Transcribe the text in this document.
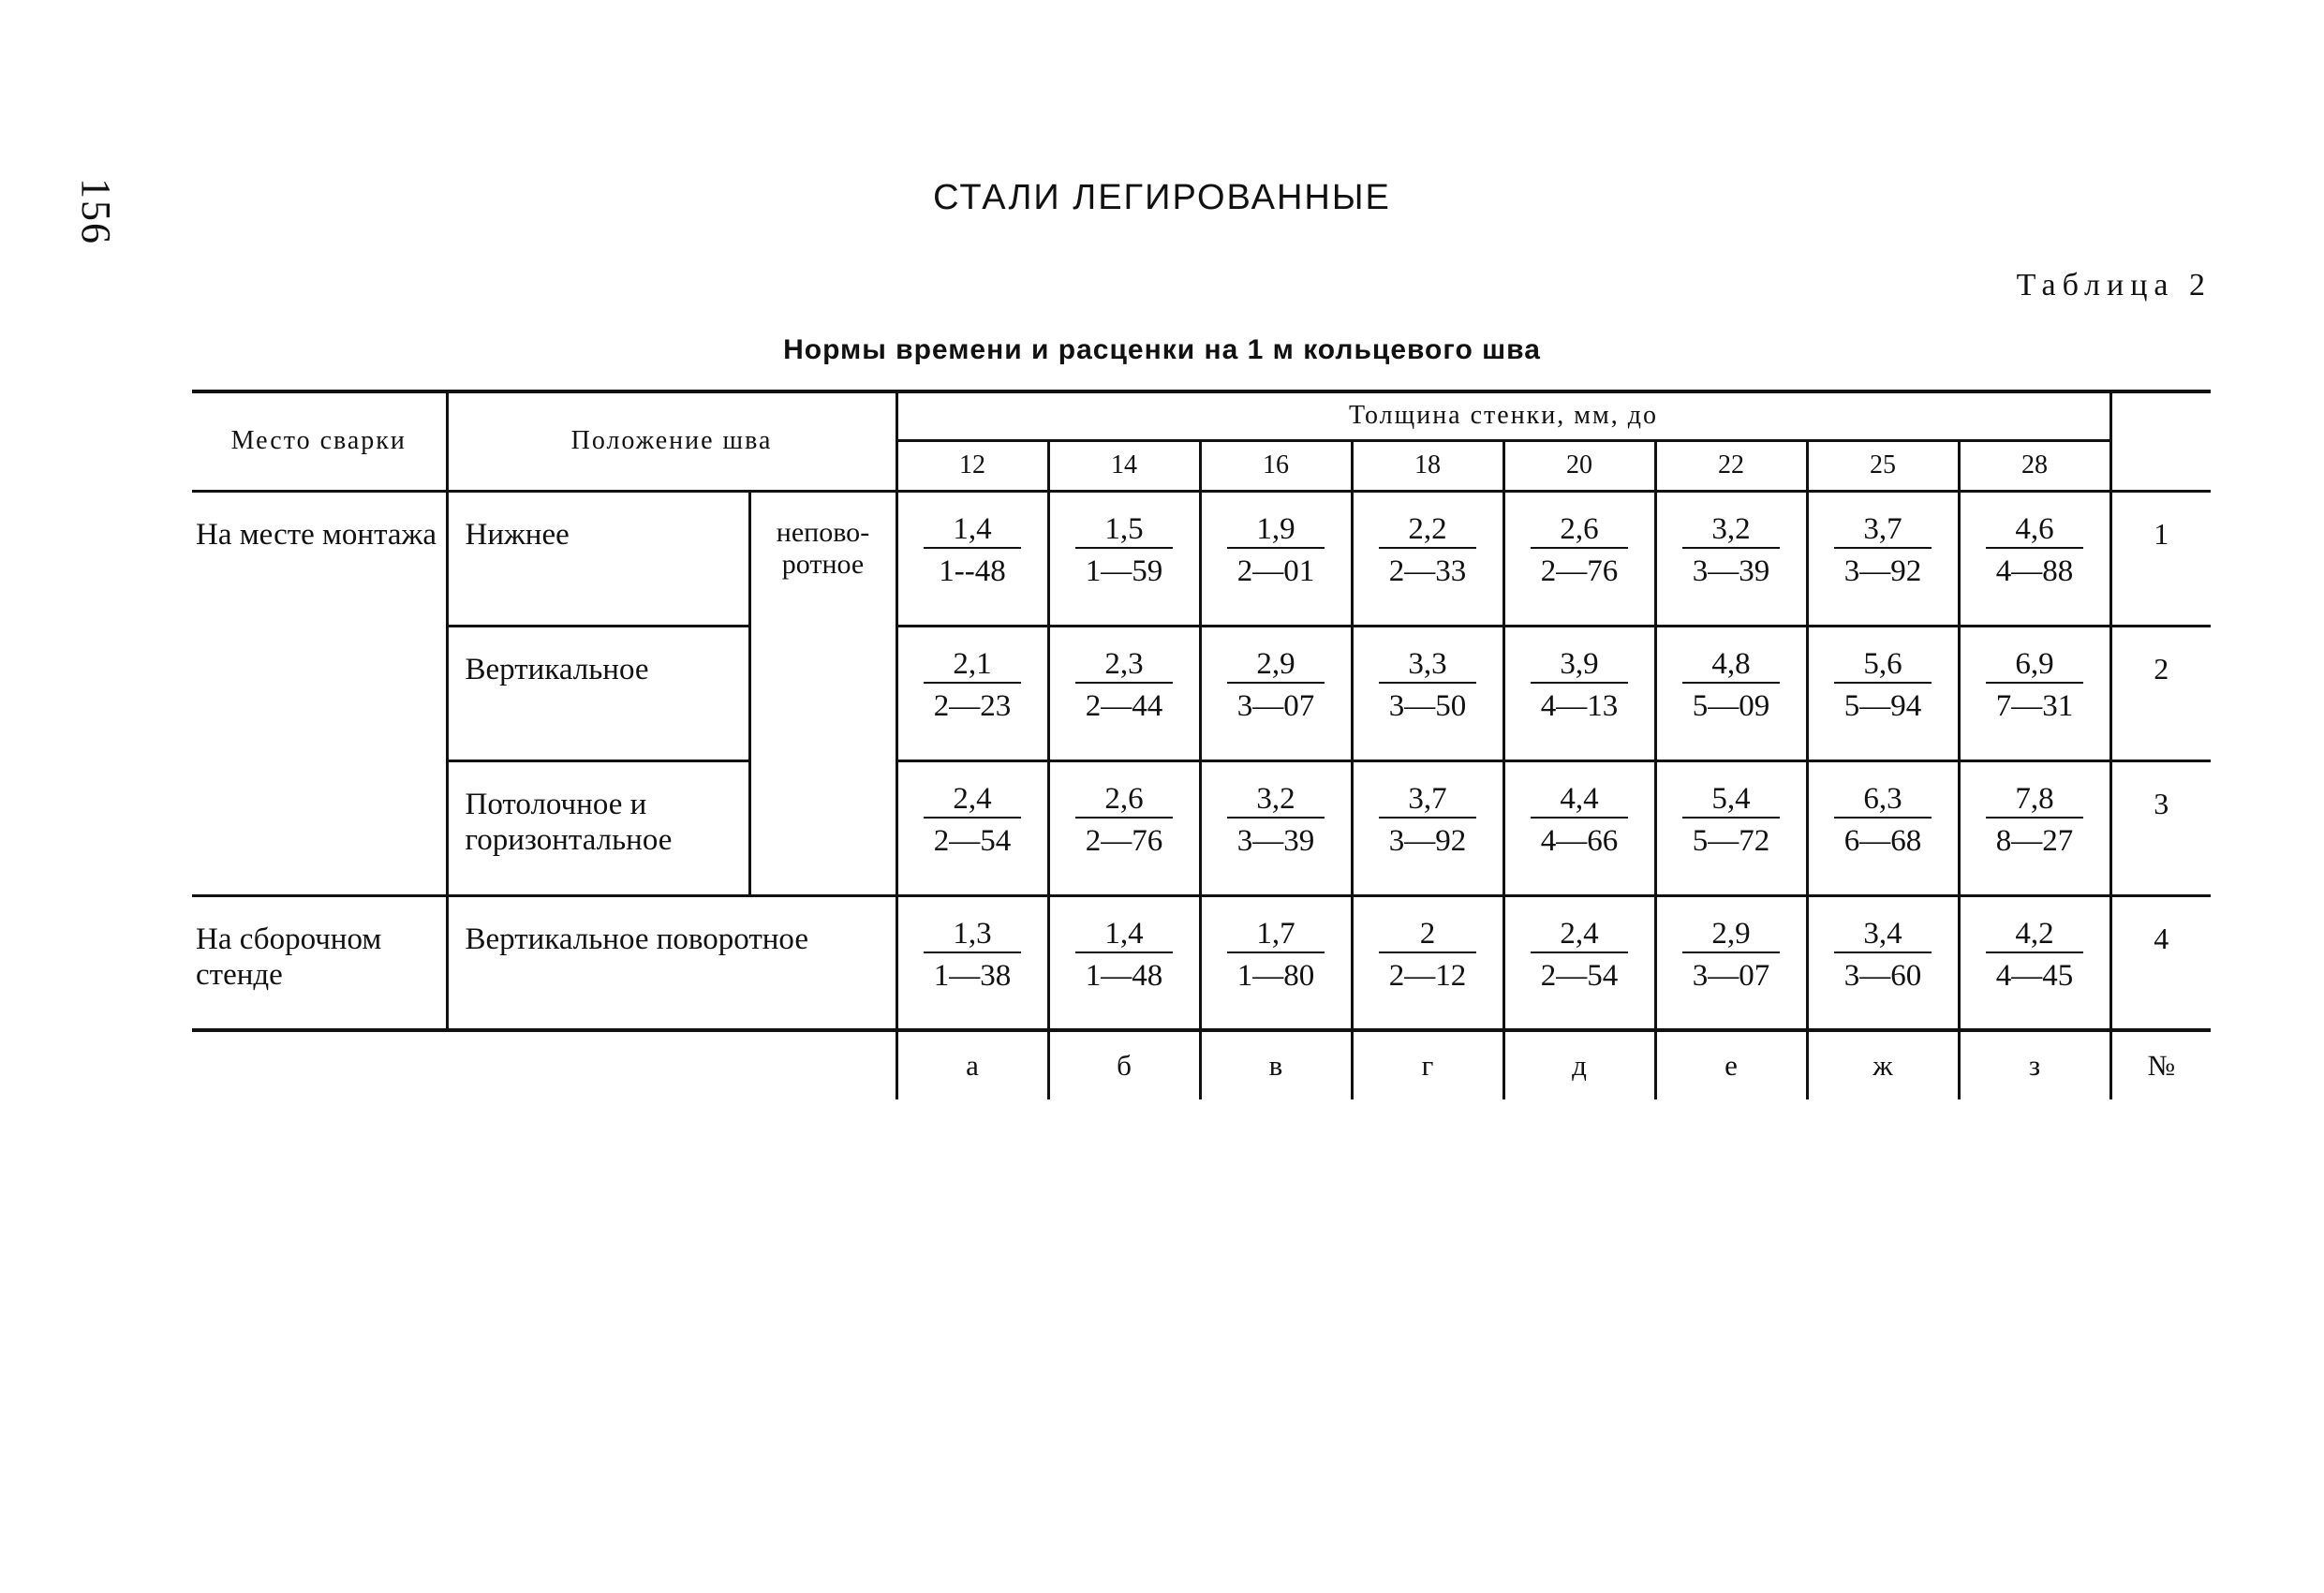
156	СТАЛИ ЛЕГИРОВАННЫЕ
Таблица 2
Нормы времени и расценки на 1 м кольцевого шва
Место сварки	Положение шва		Толщина стенки, мм, до								
			12	14	16	18	20	22	25	28	
На месте монтажа	Нижнее	неповоротное	$\frac{1,4}{1--48}$	$\frac{1,5}{1—59}$	$\frac{1,9}{2—01}$	$\frac{2,2}{2—33}$	$\frac{2,6}{2—76}$	$\frac{3,2}{3—39}$	$\frac{3,7}{3—92}$	$\frac{4,6}{4—88}$	1
	Вертикальное		$\frac{2,1}{2—23}$	$\frac{2,3}{2—44}$	$\frac{2,9}{3—07}$	$\frac{3,3}{3—50}$	$\frac{3,9}{4—13}$	$\frac{4,8}{5—09}$	$\frac{5,6}{5—94}$	$\frac{6,9}{7—31}$	2
	Потолочное и горизонтальное		$\frac{2,4}{2—54}$	$\frac{2,6}{2—76}$	$\frac{3,2}{3—39}$	$\frac{3,7}{3—92}$	$\frac{4,4}{4—66}$	$\frac{5,4}{5—72}$	$\frac{6,3}{6—68}$	$\frac{7,8}{8—27}$	3
На сборочном стенде	Вертикальное поворотное		$\frac{1,3}{1—38}$	$\frac{1,4}{1—48}$	$\frac{1,7}{1—80}$	$\frac{2}{2—12}$	$\frac{2,4}{2—54}$	$\frac{2,9}{3—07}$	$\frac{3,4}{3—60}$	$\frac{4,2}{4—45}$	4
			а	б	в	г	д	е	ж	з	№
